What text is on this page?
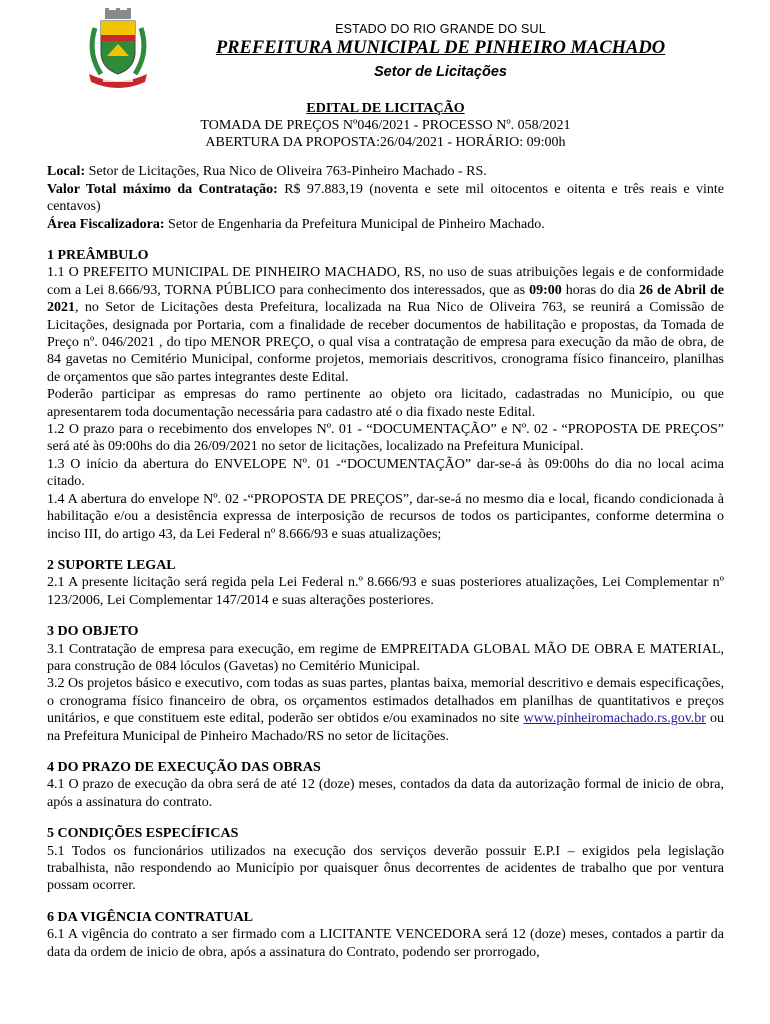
ESTADO DO RIO GRANDE DO SUL
PREFEITURA MUNICIPAL DE PINHEIRO MACHADO
Setor de Licitações
EDITAL DE LICITAÇÃO
TOMADA DE PREÇOS Nº046/2021 - PROCESSO Nº. 058/2021
ABERTURA DA PROPOSTA:26/04/2021 - HORÁRIO: 09:00h

Local: Setor de Licitações, Rua Nico de Oliveira 763-Pinheiro Machado - RS.

Valor Total máximo da Contratação: R$ 97.883,19 (noventa e sete mil oitocentos e oitenta e três reais e vinte centavos)

Área Fiscalizadora: Setor de Engenharia da Prefeitura Municipal de Pinheiro Machado.

1 PREÂMBULO

1.1 O PREFEITO MUNICIPAL DE PINHEIRO MACHADO, RS, no uso de suas atribuições legais e de conformidade com a Lei 8.666/93, TORNA PÚBLICO para conhecimento dos interessados, que as 09:00 horas do dia 26 de Abril de 2021, no Setor de Licitações desta Prefeitura, localizada na Rua Nico de Oliveira 763, se reunirá a Comissão de Licitações, designada por Portaria, com a finalidade de receber documentos de habilitação e propostas, da Tomada de Preço nº. 046/2021 , do tipo MENOR PREÇO, o qual visa a contratação de empresa para execução da mão de obra, de 84 gavetas no Cemitério Municipal, conforme projetos, memoriais descritivos, cronograma físico financeiro, planilhas de orçamentos que são partes integrantes deste Edital.

Poderão participar as empresas do ramo pertinente ao objeto ora licitado, cadastradas no Município, ou que apresentarem toda documentação necessária para cadastro até o dia fixado neste Edital.

1.2 O prazo para o recebimento dos envelopes Nº. 01 - “DOCUMENTAÇÃO” e Nº. 02 - “PROPOSTA DE PREÇOS” será até às 09:00hs do dia 26/09/2021 no setor de licitações, localizado na Prefeitura Municipal.

1.3 O início da abertura do ENVELOPE Nº. 01 -“DOCUMENTAÇÃO” dar-se-á às 09:00hs do dia no local acima citado.

1.4 A abertura do envelope Nº. 02 -“PROPOSTA DE PREÇOS”, dar-se-á no mesmo dia e local, ficando condicionada à habilitação e/ou a desistência expressa de interposição de recursos de todos os participantes, conforme determina o inciso III, do artigo 43, da Lei Federal nº 8.666/93 e suas atualizações;

2 SUPORTE LEGAL

2.1 A presente licitação será regida pela Lei Federal n.º 8.666/93 e suas posteriores atualizações, Lei Complementar nº 123/2006, Lei Complementar 147/2014 e suas alterações posteriores.

3 DO OBJETO

3.1 Contratação de empresa para execução, em regime de EMPREITADA GLOBAL MÃO DE OBRA E MATERIAL, para construção de 084 lóculos (Gavetas) no Cemitério Municipal.

3.2 Os projetos básico e executivo, com todas as suas partes, plantas baixa, memorial descritivo e demais especificações, o cronograma físico financeiro de obra, os orçamentos estimados detalhados em planilhas de quantitativos e preços unitários, e que constituem este edital, poderão ser obtidos e/ou examinados no site www.pinheiromachado.rs.gov.br ou na Prefeitura Municipal de Pinheiro Machado/RS no setor de licitações.

4 DO PRAZO DE EXECUÇÃO DAS OBRAS

4.1 O prazo de execução da obra será de até 12 (doze) meses, contados da data da autorização formal de inicio de obra, após a assinatura do contrato.

5 CONDIÇÕES ESPECÍFICAS

5.1 Todos os funcionários utilizados na execução dos serviços deverão possuir E.P.I – exigidos pela legislação trabalhista, não respondendo ao Município por quaisquer ônus decorrentes de acidentes de trabalho que por ventura possam ocorrer.

6 DA VIGÊNCIA CONTRATUAL

6.1 A vigência do contrato a ser firmado com a LICITANTE VENCEDORA será 12 (doze) meses, contados a partir da data da ordem de inicio de obra, após a assinatura do Contrato, podendo ser prorrogado,
